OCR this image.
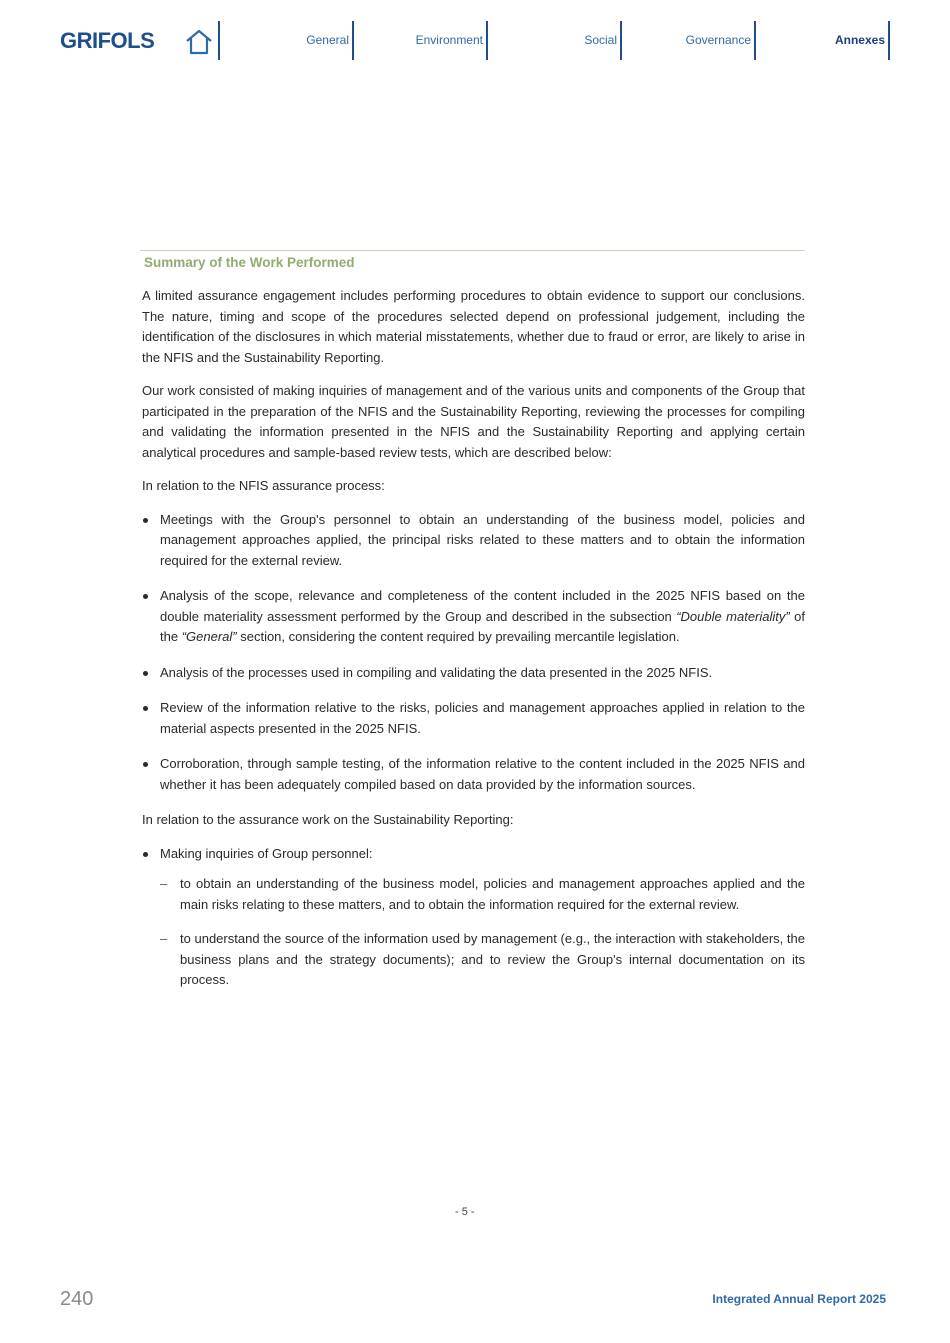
GRIFOLS	General	Environment	Social	Governance	Annexes
Summary of the Work Performed

A limited assurance engagement includes performing procedures to obtain evidence to support our conclusions. The nature, timing and scope of the procedures selected depend on professional judgement, including the identification of the disclosures in which material misstatements, whether due to fraud or error, are likely to arise in the NFIS and the Sustainability Reporting.

Our work consisted of making inquiries of management and of the various units and components of the Group that participated in the preparation of the NFIS and the Sustainability Reporting, reviewing the processes for compiling and validating the information presented in the NFIS and the Sustainability Reporting and applying certain analytical procedures and sample-based review tests, which are described below:

In relation to the NFIS assurance process:

Meetings with the Group's personnel to obtain an understanding of the business model, policies and management approaches applied, the principal risks related to these matters and to obtain the information required for the external review.
Analysis of the scope, relevance and completeness of the content included in the 2025 NFIS based on the double materiality assessment performed by the Group and described in the subsection “Double materiality” of the “General” section, considering the content required by prevailing mercantile legislation.
Analysis of the processes used in compiling and validating the data presented in the 2025 NFIS.
Review of the information relative to the risks, policies and management approaches applied in relation to the material aspects presented in the 2025 NFIS.
Corroboration, through sample testing, of the information relative to the content included in the 2025 NFIS and whether it has been adequately compiled based on data provided by the information sources.

In relation to the assurance work on the Sustainability Reporting:

Making inquiries of Group personnel:
– to obtain an understanding of the business model, policies and management approaches applied and the main risks relating to these matters, and to obtain the information required for the external review.
– to understand the source of the information used by management (e.g., the interaction with stakeholders, the business plans and the strategy documents); and to review the Group's internal documentation on its process.
- 5 -
240	Integrated Annual Report 2025
